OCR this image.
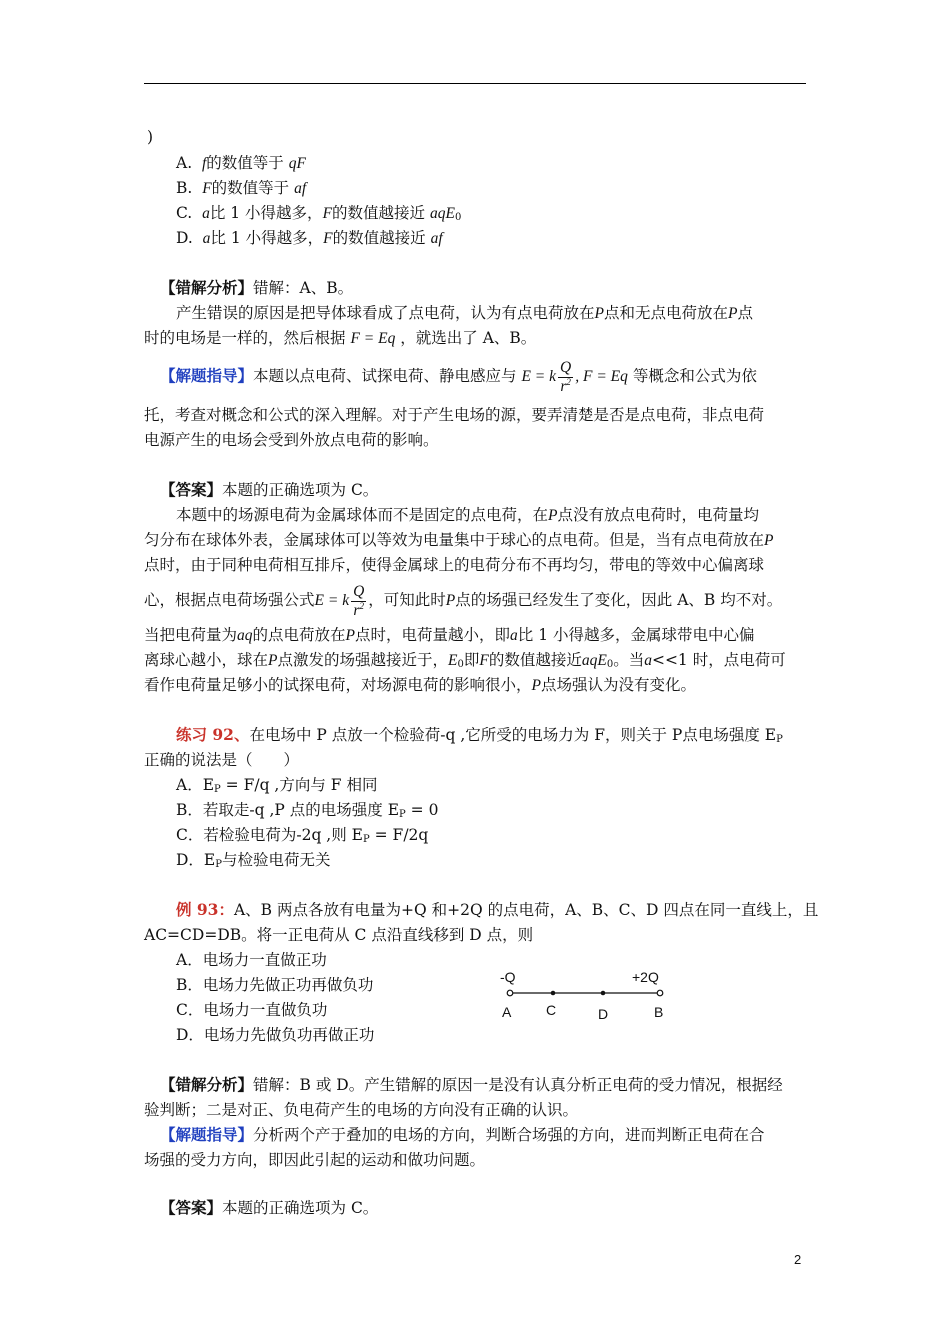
)
A. f的数值等于 qF
B. F的数值等于 af
C. a比 1 小得越多，F的数值越接近 aqE$_0$
D. a比 1 小得越多，F的数值越接近 af
【错解分析】错解：A、B。
产生错误的原因是把导体球看成了点电荷，认为有点电荷放在P点和无点电荷放在P点
时的电场是一样的，然后根据 F = Eq ，就选出了 A、B。
【解题指导】本题以点电荷、试探电荷、静电感应与 E = k $\frac{Q}{r^2}$ , F = Eq 等概念和公式为依
托，考查对概念和公式的深入理解。对于产生电场的源，要弄清楚是否是点电荷，非点电荷
电源产生的电场会受到外放点电荷的影响。
【答案】本题的正确选项为 C。
本题中的场源电荷为金属球体而不是固定的点电荷，在P点没有放点电荷时，电荷量均
匀分布在球体外表，金属球体可以等效为电量集中于球心的点电荷。但是，当有点电荷放在P
点时，由于同种电荷相互排斥，使得金属球上的电荷分布不再均匀，带电的等效中心偏离球
心，根据点电荷场强公式E = k $\frac{Q}{r^2}$ ，可知此时P点的场强已经发生了变化，因此 A、B 均不对。
当把电荷量为aq的点电荷放在P点时，电荷量越小，即a比 1 小得越多，金属球带电中心偏
离球心越小，球在P点激发的场强越接近于，$E_0$即F的数值越接近aqE$_0$。当a<<1 时，点电荷可
看作电荷量足够小的试探电荷，对场源电荷的影响很小，P点场强认为没有变化。
练习 92、在电场中 P 点放一个检验荷-q ,它所受的电场力为 F，则关于 P点电场强度 $E_P$
正确的说法是（　　）
A．$E_P = F/q$ ,方向与 F 相同
B．若取走-q ,P 点的电场强度 $E_P = 0$
C．若检验电荷为-2q ,则 $E_P = F/2q$
D．$E_P$与检验电荷无关
例 93：A、B 两点各放有电量为+Q 和+2Q 的点电荷，A、B、C、D 四点在同一直线上，且
AC=CD=DB。将一正电荷从 C 点沿直线移到 D 点，则
A．电场力一直做正功
B．电场力先做正功再做负功
C．电场力一直做负功
D．电场力先做负功再做正功
-Q	+2Q
A C	D	B
【错解分析】错解：B 或 D。产生错解的原因一是没有认真分析正电荷的受力情况，根据经
验判断；二是对正、负电荷产生的电场的方向没有正确的认识。
【解题指导】分析两个产于叠加的电场的方向，判断合场强的方向，进而判断正电荷在合
场强的受力方向，即因此引起的运动和做功问题。
【答案】本题的正确选项为 C。
2
